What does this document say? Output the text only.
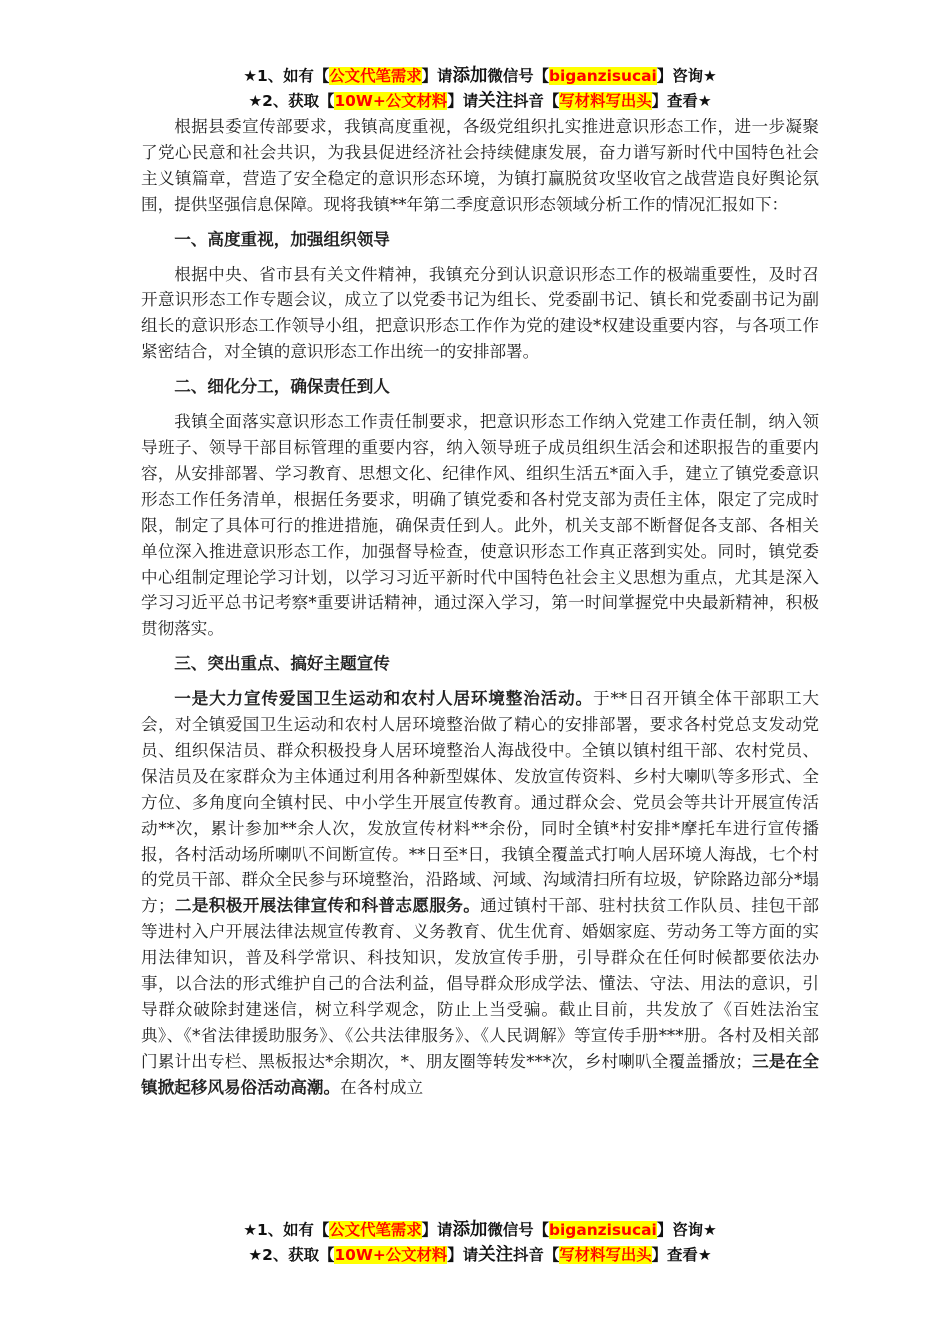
★1、如有【公文代笔需求】请添加微信号【biganzisucai】咨询★
★2、获取【10W+公文材料】请关注抖音【写材料写出头】查看★

根据县委宣传部要求，我镇高度重视，各级党组织扎实推进意识形态工作，进一步凝聚了党心民意和社会共识，为我县促进经济社会持续健康发展，奋力谱写新时代中国特色社会主义镇篇章，营造了安全稳定的意识形态环境，为镇打赢脱贫攻坚收官之战营造良好舆论氛围，提供坚强信息保障。现将我镇**年第二季度意识形态领域分析工作的情况汇报如下：

一、高度重视，加强组织领导

根据中央、省市县有关文件精神，我镇充分到认识意识形态工作的极端重要性，及时召开意识形态工作专题会议，成立了以党委书记为组长、党委副书记、镇长和党委副书记为副组长的意识形态工作领导小组，把意识形态工作作为党的建设*权建设重要内容，与各项工作紧密结合，对全镇的意识形态工作出统一的安排部署。

二、细化分工，确保责任到人

我镇全面落实意识形态工作责任制要求，把意识形态工作纳入党建工作责任制，纳入领导班子、领导干部目标管理的重要内容，纳入领导班子成员组织生活会和述职报告的重要内容，从安排部署、学习教育、思想文化、纪律作风、组织生活五*面入手，建立了镇党委意识形态工作任务清单，根据任务要求，明确了镇党委和各村党支部为责任主体，限定了完成时限，制定了具体可行的推进措施，确保责任到人。此外，机关支部不断督促各支部、各相关单位深入推进意识形态工作，加强督导检查，使意识形态工作真正落到实处。同时，镇党委中心组制定理论学习计划，以学习习近平新时代中国特色社会主义思想为重点，尤其是深入学习习近平总书记考察*重要讲话精神，通过深入学习，第一时间掌握党中央最新精神，积极贯彻落实。

三、突出重点、搞好主题宣传

一是大力宣传爱国卫生运动和农村人居环境整治活动。于**日召开镇全体干部职工大会，对全镇爱国卫生运动和农村人居环境整治做了精心的安排部署，要求各村党总支发动党员、组织保洁员、群众积极投身人居环境整治人海战役中。全镇以镇村组干部、农村党员、保洁员及在家群众为主体通过利用各种新型媒体、发放宣传资料、乡村大喇叭等多形式、全方位、多角度向全镇村民、中小学生开展宣传教育。通过群众会、党员会等共计开展宣传活动**次，累计参加**余人次，发放宣传材料**余份，同时全镇*村安排*摩托车进行宣传播报，各村活动场所喇叭不间断宣传。**日至*日，我镇全覆盖式打响人居环境人海战，七个村的党员干部、群众全民参与环境整治，沿路域、河域、沟域清扫所有垃圾，铲除路边部分*塌方；二是积极开展法律宣传和科普志愿服务。通过镇村干部、驻村扶贫工作队员、挂包干部等进村入户开展法律法规宣传教育、义务教育、优生优育、婚姻家庭、劳动务工等方面的实用法律知识，普及科学常识、科技知识，发放宣传手册，引导群众在任何时候都要依法办事，以合法的形式维护自己的合法利益，倡导群众形成学法、懂法、守法、用法的意识，引导群众破除封建迷信，树立科学观念，防止上当受骗。截止目前，共发放了《百姓法治宝典》、《*省法律援助服务》、《公共法律服务》、《人民调解》等宣传手册***册。各村及相关部门累计出专栏、黑板报达*余期次，*、朋友圈等转发***次，乡村喇叭全覆盖播放；三是在全镇掀起移风易俗活动高潮。在各村成立

★1、如有【公文代笔需求】请添加微信号【biganzisucai】咨询★
★2、获取【10W+公文材料】请关注抖音【写材料写出头】查看★
